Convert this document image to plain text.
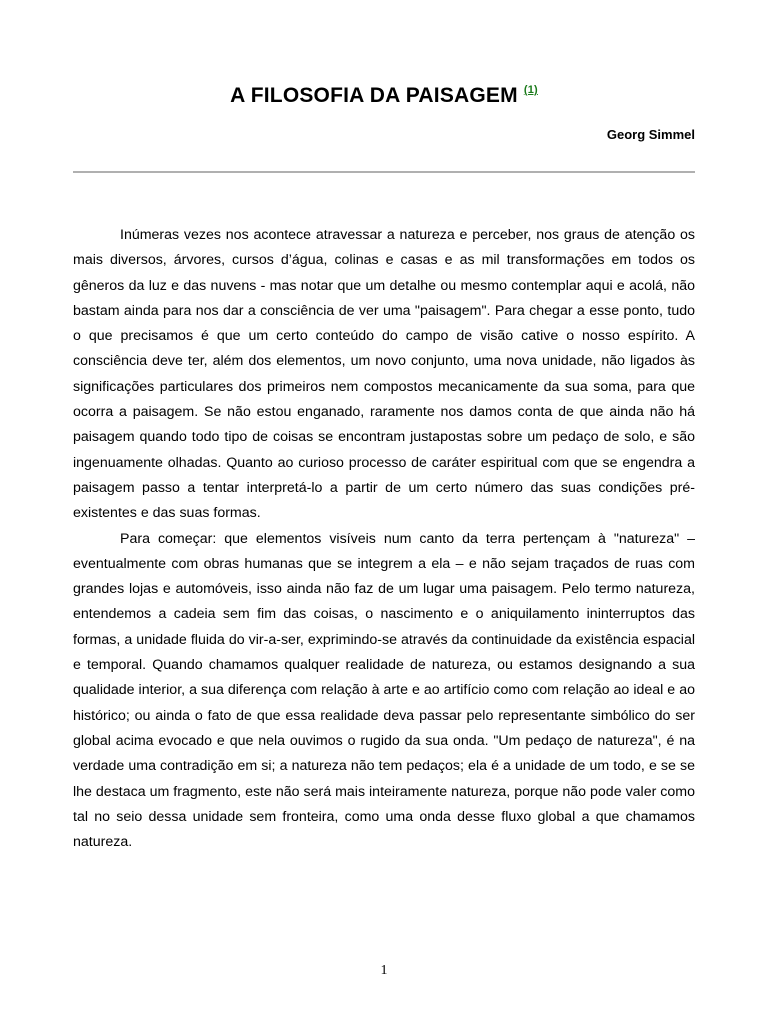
A FILOSOFIA DA PAISAGEM $^{(1)}$
Georg Simmel

Inúmeras vezes nos acontece atravessar a natureza e perceber, nos graus de atenção os mais diversos, árvores, cursos d’água, colinas e casas e as mil transformações em todos os gêneros da luz e das nuvens - mas notar que um detalhe ou mesmo contemplar aqui e acolá, não bastam ainda para nos dar a consciência de ver uma "paisagem". Para chegar a esse ponto, tudo o que precisamos é que um certo conteúdo do campo de visão cative o nosso espírito. A consciência deve ter, além dos elementos, um novo conjunto, uma nova unidade, não ligados às significações particulares dos primeiros nem compostos mecanicamente da sua soma, para que ocorra a paisagem. Se não estou enganado, raramente nos damos conta de que ainda não há paisagem quando todo tipo de coisas se encontram justapostas sobre um pedaço de solo, e são ingenuamente olhadas. Quanto ao curioso processo de caráter espiritual com que se engendra a paisagem passo a tentar interpretá-lo a partir de um certo número das suas condições pré-existentes e das suas formas.

Para começar: que elementos visíveis num canto da terra pertençam à "natureza" – eventualmente com obras humanas que se integrem a ela – e não sejam traçados de ruas com grandes lojas e automóveis, isso ainda não faz de um lugar uma paisagem. Pelo termo natureza, entendemos a cadeia sem fim das coisas, o nascimento e o aniquilamento ininterruptos das formas, a unidade fluida do vir-a-ser, exprimindo-se através da continuidade da existência espacial e temporal. Quando chamamos qualquer realidade de natureza, ou estamos designando a sua qualidade interior, a sua diferença com relação à arte e ao artifício como com relação ao ideal e ao histórico; ou ainda o fato de que essa realidade deva passar pelo representante simbólico do ser global acima evocado e que nela ouvimos o rugido da sua onda. "Um pedaço de natureza", é na verdade uma contradição em si; a natureza não tem pedaços; ela é a unidade de um todo, e se se lhe destaca um fragmento, este não será mais inteiramente natureza, porque não pode valer como tal no seio dessa unidade sem fronteira, como uma onda desse fluxo global a que chamamos natureza.

1
